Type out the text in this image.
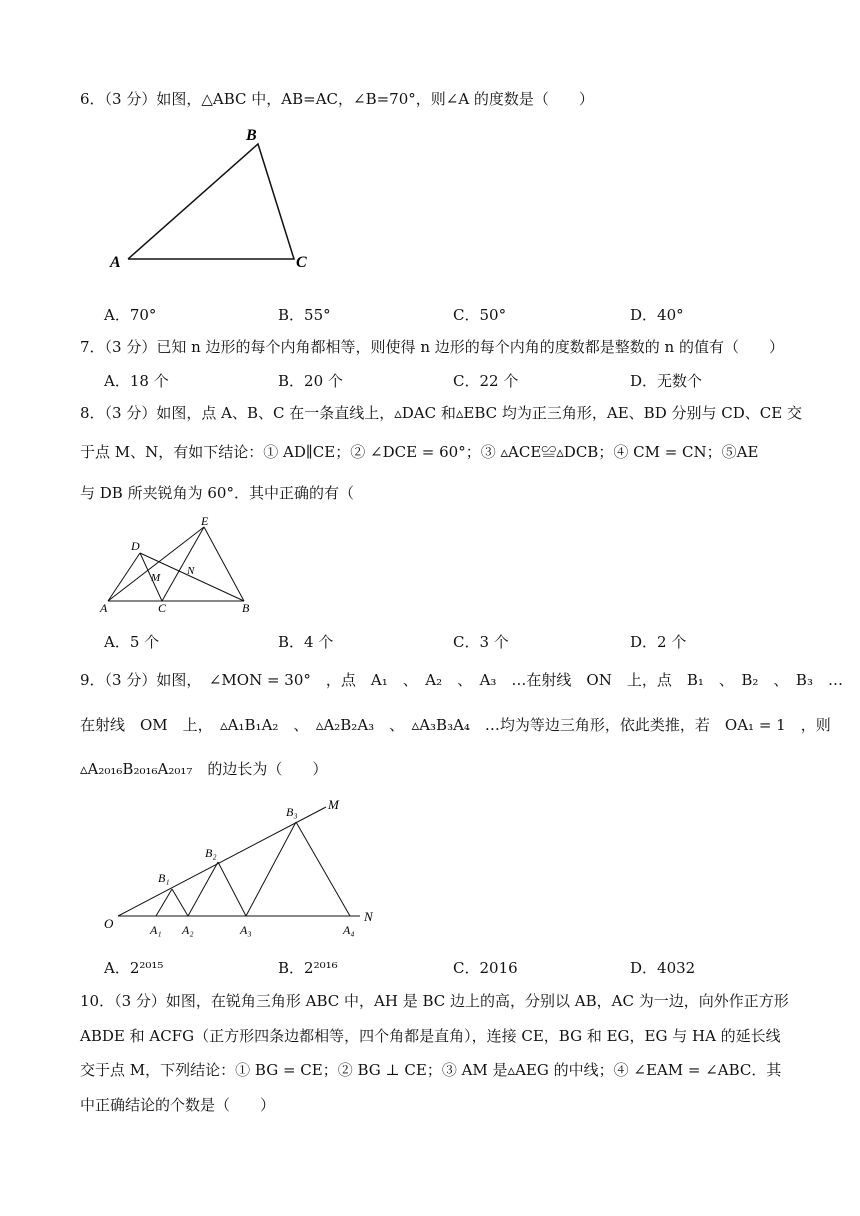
6．（3 分）如图，△ABC 中，AB=AC，∠B=70°，则∠A 的度数是（　　）
A
B
C
A．70°	B．55°	C．50°	D．40°
7．（3 分）已知 n 边形的每个内角都相等，则使得 n 边形的每个内角的度数都是整数的 n 的值有（　　）
A．18 个	B．20 个	C．22 个	D．无数个
8．（3 分）如图，点 A、B、C 在一条直线上，▵DAC 和▵EBC 均为正三角形，AE、BD 分别与 CD、CE 交
于点 M、N，有如下结论：① AD∥CE；② ∠DCE = 60°；③ ▵ACE≌▵DCB；④ CM = CN；⑤AE
与 DB 所夹锐角为 60°．其中正确的有（
A	B
C
D
E
M
N
A．5 个	B．4 个	C．3 个	D．2 个
9．（3 分）如图，　∠MON = 30°　，点　A₁　、　A₂　、　A₃　…在射线　ON　上，点　B₁　、　B₂　、　B₃　…
在射线　OM　上，　▵A₁B₁A₂　、　▵A₂B₂A₃　、　▵A₃B₃A₄　…均为等边三角形，依此类推，若　OA₁ = 1　，则
▵A₂₀₁₆B₂₀₁₆A₂₀₁₇　的边长为（　　）
O
M
N
A₁ A₂	A₃	A₄
B₁
B₂
B₃
A．2²⁰¹⁵	B．2²⁰¹⁶	C．2016	D．4032
10．（3 分）如图，在锐角三角形 ABC 中，AH 是 BC 边上的高，分别以 AB，AC 为一边，向外作正方形
ABDE 和 ACFG（正方形四条边都相等，四个角都是直角），连接 CE，BG 和 EG，EG 与 HA 的延长线
交于点 M，下列结论：① BG = CE；② BG ⊥ CE；③ AM 是▵AEG 的中线；④ ∠EAM = ∠ABC．其
中正确结论的个数是（　　）
